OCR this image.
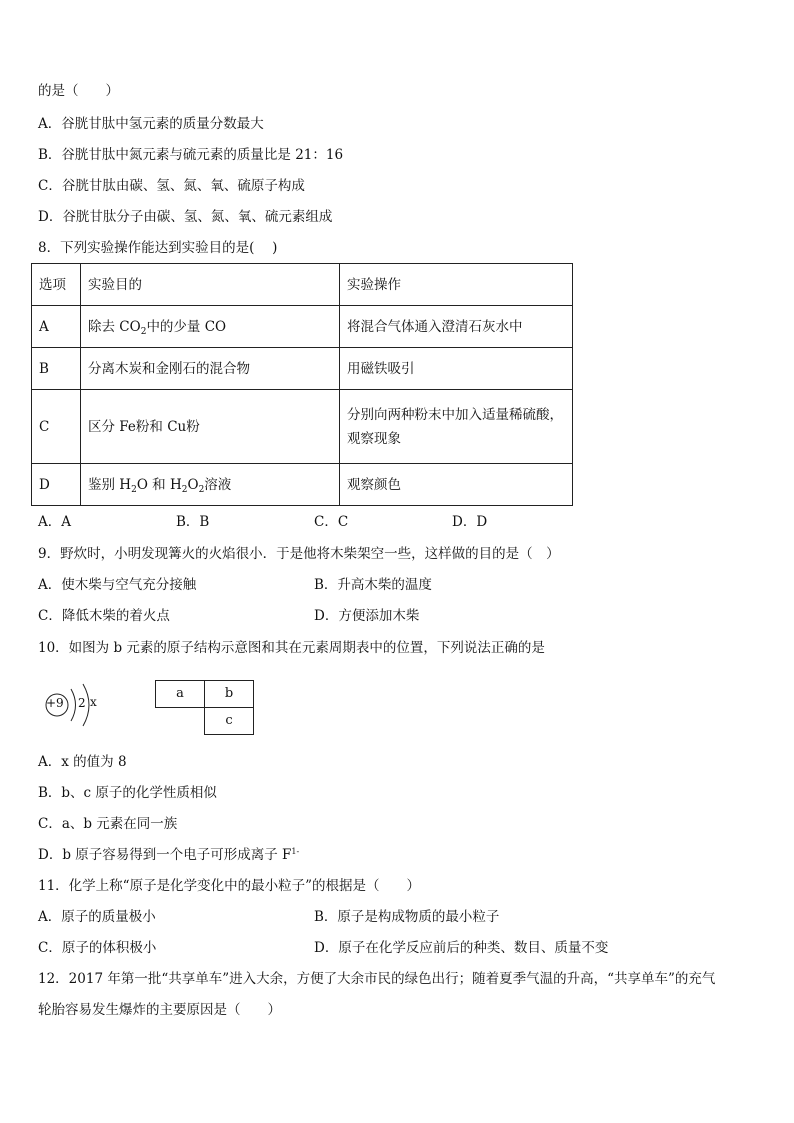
的是（　　）
A．谷胱甘肽中氢元素的质量分数最大
B．谷胱甘肽中氮元素与硫元素的质量比是 21：16
C．谷胱甘肽由碳、氢、氮、氧、硫原子构成
D．谷胱甘肽分子由碳、氢、氮、氧、硫元素组成
8．下列实验操作能达到实验目的是(　 )
选项	实验目的	实验操作
A	除去 $CO_2$中的少量 CO	将混合气体通入澄清石灰水中
B	分离木炭和金刚石的混合物	用磁铁吸引
C	区分 Fe粉和 Cu粉	分别向两种粉末中加入适量稀硫酸，
观察现象

D	鉴别 $H_2O$ 和 $H_2O_2$溶液	观察颜色
A．A	B．B	C．C	D．D
9．野炊时，小明发现篝火的火焰很小．于是他将木柴架空一些，这样做的目的是（　）
A．使木柴与空气充分接触	B．升高木柴的温度
C．降低木柴的着火点	D．方便添加木柴
10．如图为 b 元素的原子结构示意图和其在元素周期表中的位置，下列说法正确的是
+9 2 x
a	b
c
A．x 的值为 8
B．b、c 原子的化学性质相似
C．a、b 元素在同一族
D．b 原子容易得到一个电子可形成离子 $F^{1-}$
11．化学上称“原子是化学变化中的最小粒子”的根据是（　　）
A．原子的质量极小	B．原子是构成物质的最小粒子
C．原子的体积极小	D．原子在化学反应前后的种类、数目、质量不变
12．2017 年第一批“共享单车”进入大余，方便了大余市民的绿色出行；随着夏季气温的升高，“共享单车”的充气
轮胎容易发生爆炸的主要原因是（　　）
